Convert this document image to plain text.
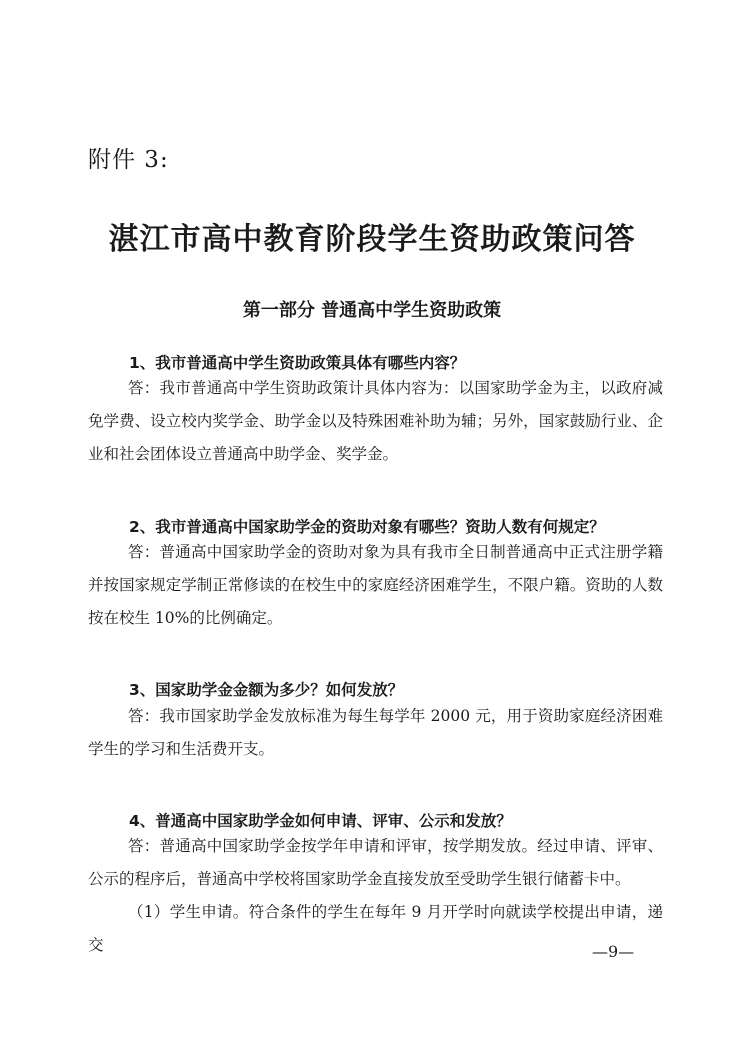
附件 3:
湛江市高中教育阶段学生资助政策问答
第一部分 普通高中学生资助政策
1、我市普通高中学生资助政策具体有哪些内容？
答：我市普通高中学生资助政策计具体内容为：以国家助学金为主，以政府减免学费、设立校内奖学金、助学金以及特殊困难补助为辅；另外，国家鼓励行业、企业和社会团体设立普通高中助学金、奖学金。
2、我市普通高中国家助学金的资助对象有哪些？资助人数有何规定？
答：普通高中国家助学金的资助对象为具有我市全日制普通高中正式注册学籍并按国家规定学制正常修读的在校生中的家庭经济困难学生，不限户籍。资助的人数按在校生 10%的比例确定。
3、国家助学金金额为多少？如何发放？
答：我市国家助学金发放标准为每生每学年 2000 元，用于资助家庭经济困难学生的学习和生活费开支。
4、普通高中国家助学金如何申请、评审、公示和发放？
答：普通高中国家助学金按学年申请和评审，按学期发放。经过申请、评审、公示的程序后，普通高中学校将国家助学金直接发放至受助学生银行储蓄卡中。
（1）学生申请。符合条件的学生在每年 9 月开学时向就读学校提出申请，递交	—9—
